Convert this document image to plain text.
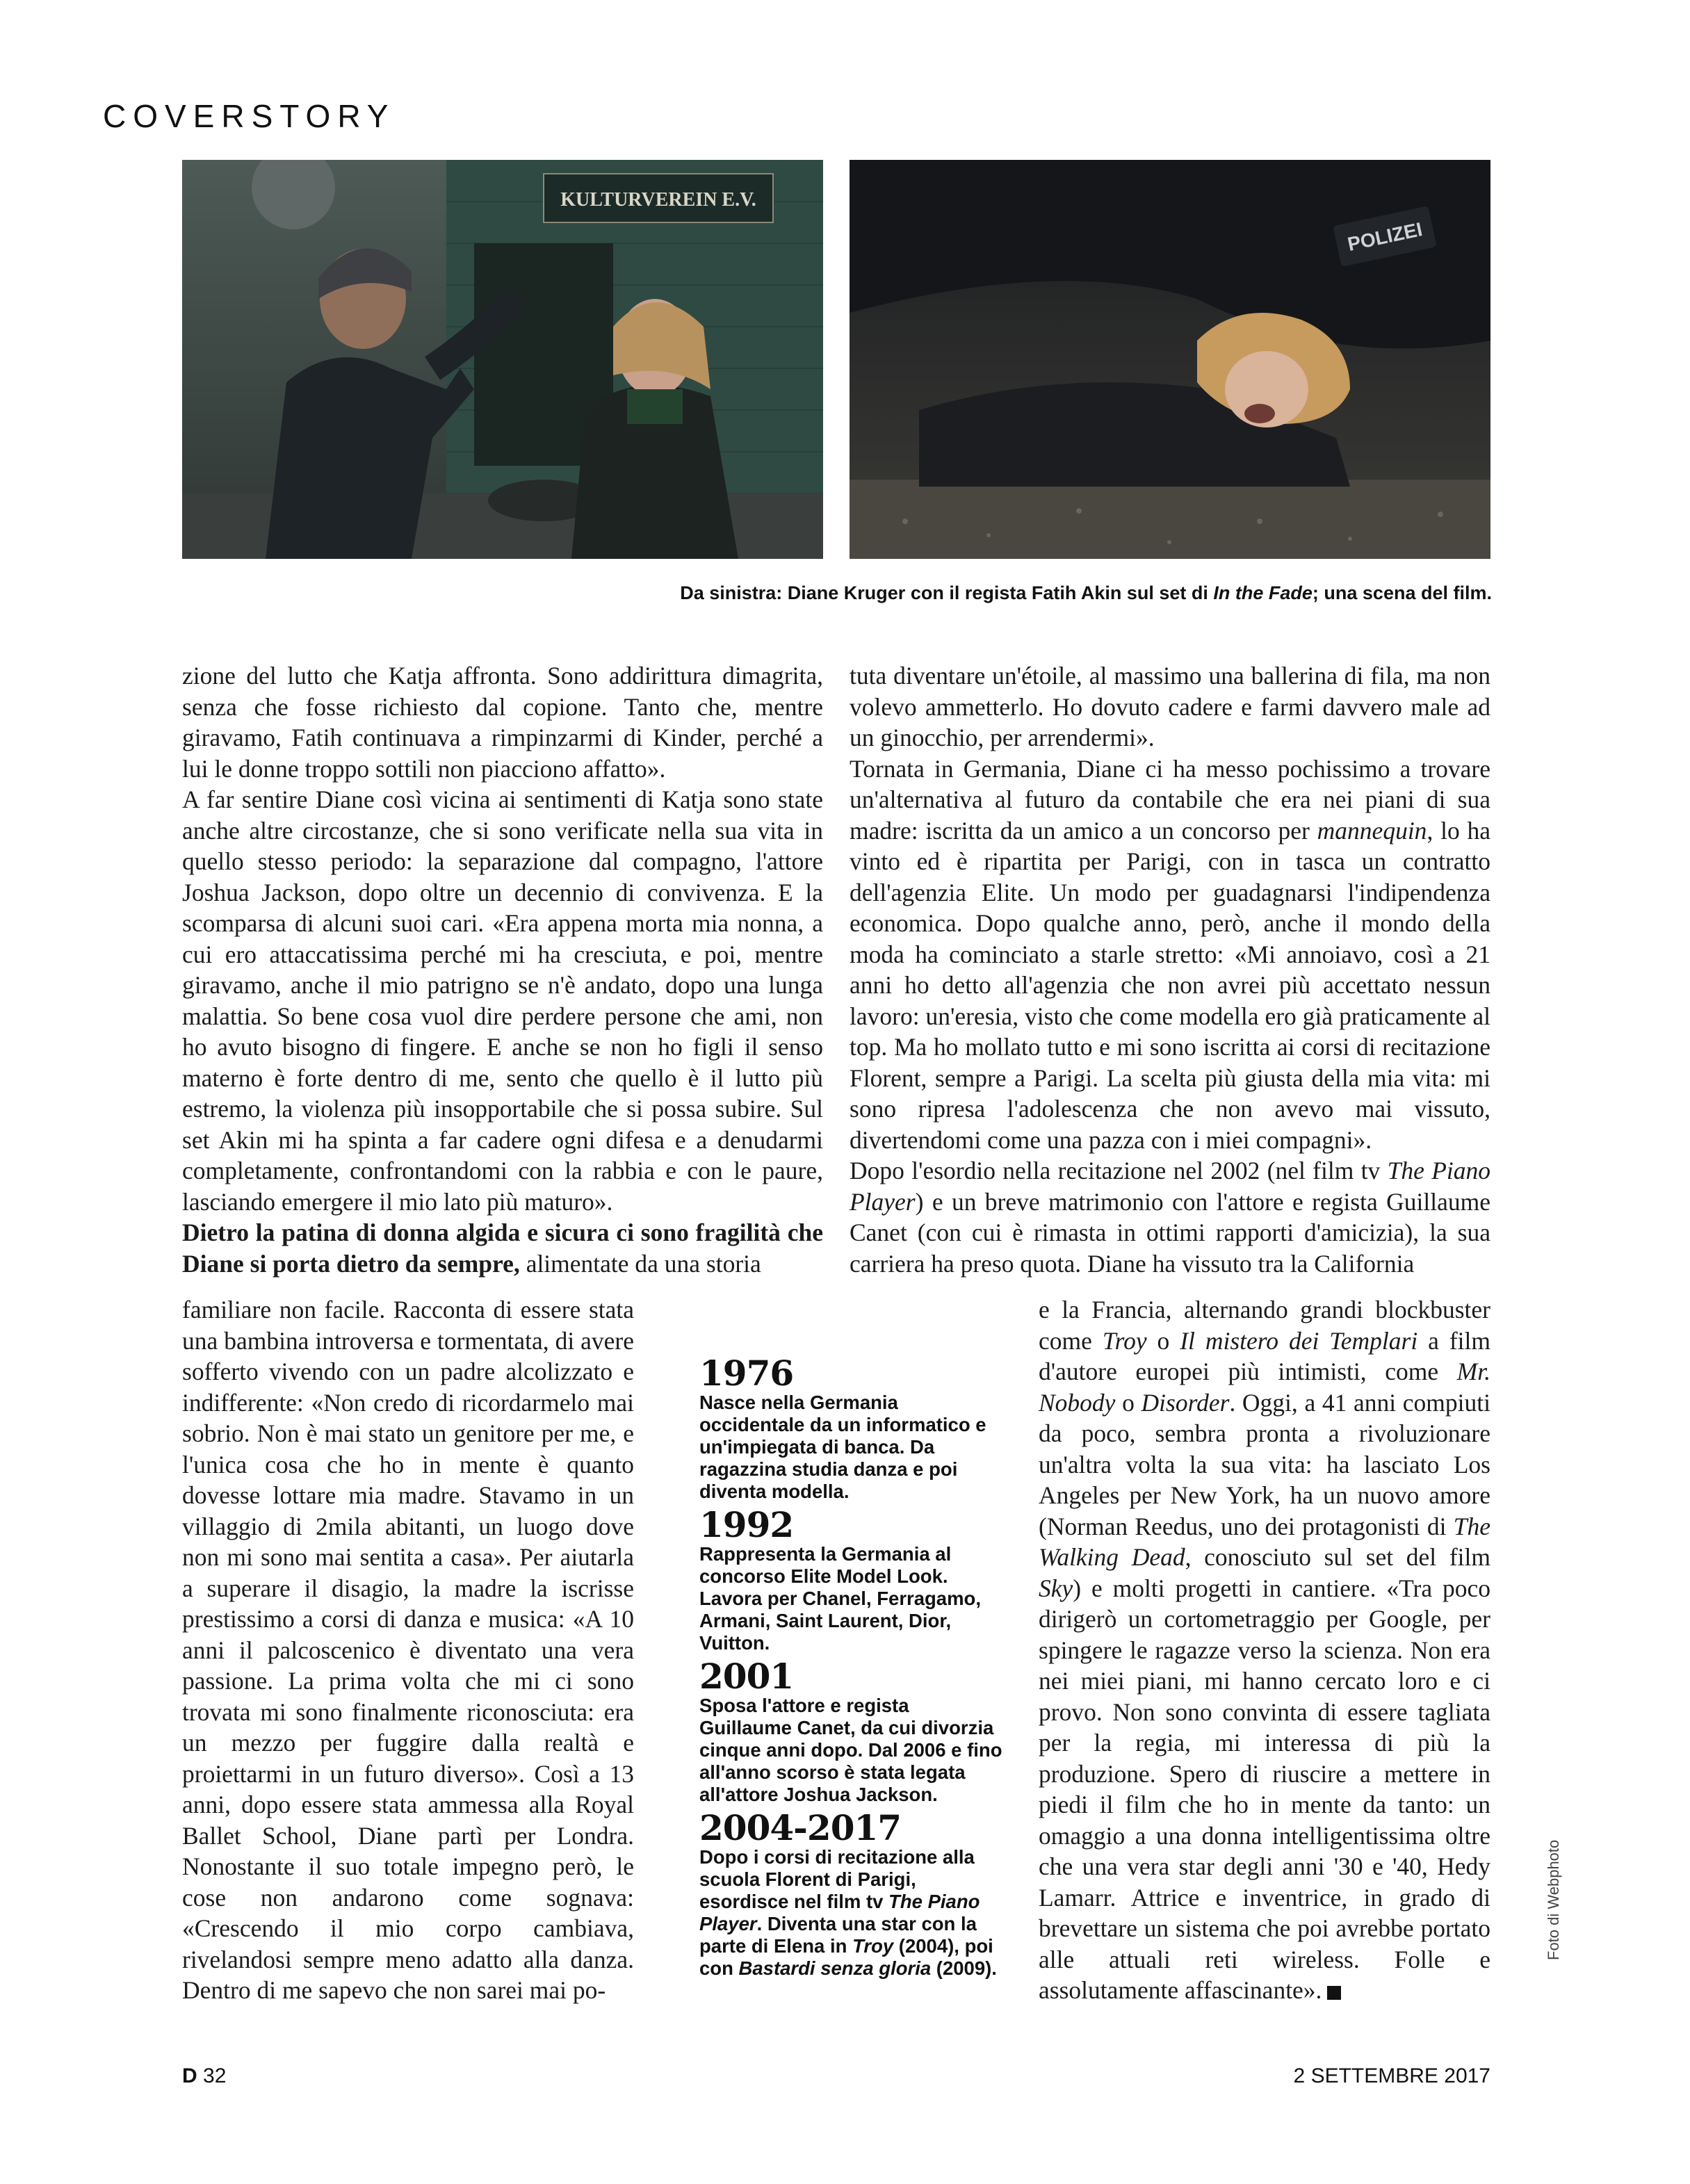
COVERSTORY
KULTURVEREIN E.V.
POLIZEI
Da sinistra: Diane Kruger con il regista Fatih Akin sul set di In the Fade; una scena del film.

zione del lutto che Katja affronta. Sono addirittura dimagrita, senza che fosse richiesto dal copione. Tanto che, mentre giravamo, Fatih continuava a rimpinzarmi di Kinder, perché a lui le donne troppo sottili non piacciono affatto».

A far sentire Diane così vicina ai sentimenti di Katja sono state anche altre circostanze, che si sono verificate nella sua vita in quello stesso periodo: la separazione dal compagno, l'attore Joshua Jackson, dopo oltre un decennio di convivenza. E la scomparsa di alcuni suoi cari. «Era appena morta mia nonna, a cui ero attaccatissima perché mi ha cresciuta, e poi, mentre giravamo, anche il mio patrigno se n'è andato, dopo una lunga malattia. So bene cosa vuol dire perdere persone che ami, non ho avuto bisogno di fingere. E anche se non ho figli il senso materno è forte dentro di me, sento che quello è il lutto più estremo, la violenza più insopportabile che si possa subire. Sul set Akin mi ha spinta a far cadere ogni difesa e a denudarmi completamente, confrontandomi con la rabbia e con le paure, lasciando emergere il mio lato più maturo».

Dietro la patina di donna algida e sicura ci sono fragilità che Diane si porta dietro da sempre, alimentate da una storia

familiare non facile. Racconta di essere stata una bambina introversa e tormentata, di avere sofferto vivendo con un padre alcolizzato e indifferente: «Non credo di ricordarmelo mai sobrio. Non è mai stato un genitore per me, e l'unica cosa che ho in mente è quanto dovesse lottare mia madre. Stavamo in un villaggio di 2mila abitanti, un luogo dove non mi sono mai sentita a casa». Per aiutarla a superare il disagio, la madre la iscrisse prestissimo a corsi di danza e musica: «A 10 anni il palcoscenico è diventato una vera passione. La prima volta che mi ci sono trovata mi sono finalmente riconosciuta: era un mezzo per fuggire dalla realtà e proiettarmi in un futuro diverso». Così a 13 anni, dopo essere stata ammessa alla Royal Ballet School, Diane partì per Londra. Nonostante il suo totale impegno però, le cose non andarono come sognava: «Crescendo il mio corpo cambiava, rivelandosi sempre meno adatto alla danza. Dentro di me sapevo che non sarei mai po-

tuta diventare un'étoile, al massimo una ballerina di fila, ma non volevo ammetterlo. Ho dovuto cadere e farmi davvero male ad un ginocchio, per arrendermi».

Tornata in Germania, Diane ci ha messo pochissimo a trovare un'alternativa al futuro da contabile che era nei piani di sua madre: iscritta da un amico a un concorso per mannequin, lo ha vinto ed è ripartita per Parigi, con in tasca un contratto dell'agenzia Elite. Un modo per guadagnarsi l'indipendenza economica. Dopo qualche anno, però, anche il mondo della moda ha cominciato a starle stretto: «Mi annoiavo, così a 21 anni ho detto all'agenzia che non avrei più accettato nessun lavoro: un'eresia, visto che come modella ero già praticamente al top. Ma ho mollato tutto e mi sono iscritta ai corsi di recitazione Florent, sempre a Parigi. La scelta più giusta della mia vita: mi sono ripresa l'adolescenza che non avevo mai vissuto, divertendomi come una pazza con i miei compagni».

Dopo l'esordio nella recitazione nel 2002 (nel film tv The Piano Player) e un breve matrimonio con l'attore e regista Guillaume Canet (con cui è rimasta in ottimi rapporti d'amicizia), la sua carriera ha preso quota. Diane ha vissuto tra la California

e la Francia, alternando grandi blockbuster come Troy o Il mistero dei Templari a film d'autore europei più intimisti, come Mr. Nobody o Disorder. Oggi, a 41 anni compiuti da poco, sembra pronta a rivoluzionare un'altra volta la sua vita: ha lasciato Los Angeles per New York, ha un nuovo amore (Norman Reedus, uno dei protagonisti di The Walking Dead, conosciuto sul set del film Sky) e molti progetti in cantiere. «Tra poco dirigerò un cortometraggio per Google, per spingere le ragazze verso la scienza. Non era nei miei piani, mi hanno cercato loro e ci provo. Non sono convinta di essere tagliata per la regia, mi interessa di più la produzione. Spero di riuscire a mettere in piedi il film che ho in mente da tanto: un omaggio a una donna intelligentissima oltre che una vera star degli anni '30 e '40, Hedy Lamarr. Attrice e inventrice, in grado di brevettare un sistema che poi avrebbe portato alle attuali reti wireless. Folle e assolutamente affascinante».

1976
Nasce nella Germania occidentale da un informatico e un'impiegata di banca. Da ragazzina studia danza e poi diventa modella.
1992
Rappresenta la Germania al concorso Elite Model Look. Lavora per Chanel, Ferragamo, Armani, Saint Laurent, Dior, Vuitton.
2001
Sposa l'attore e regista Guillaume Canet, da cui divorzia cinque anni dopo. Dal 2006 e fino all'anno scorso è stata legata all'attore Joshua Jackson.
2004-2017
Dopo i corsi di recitazione alla scuola Florent di Parigi, esordisce nel film tv The Piano Player. Diventa una star con la parte di Elena in Troy (2004), poi con Bastardi senza gloria (2009).
Foto di Webphoto
D 32	2 SETTEMBRE 2017
